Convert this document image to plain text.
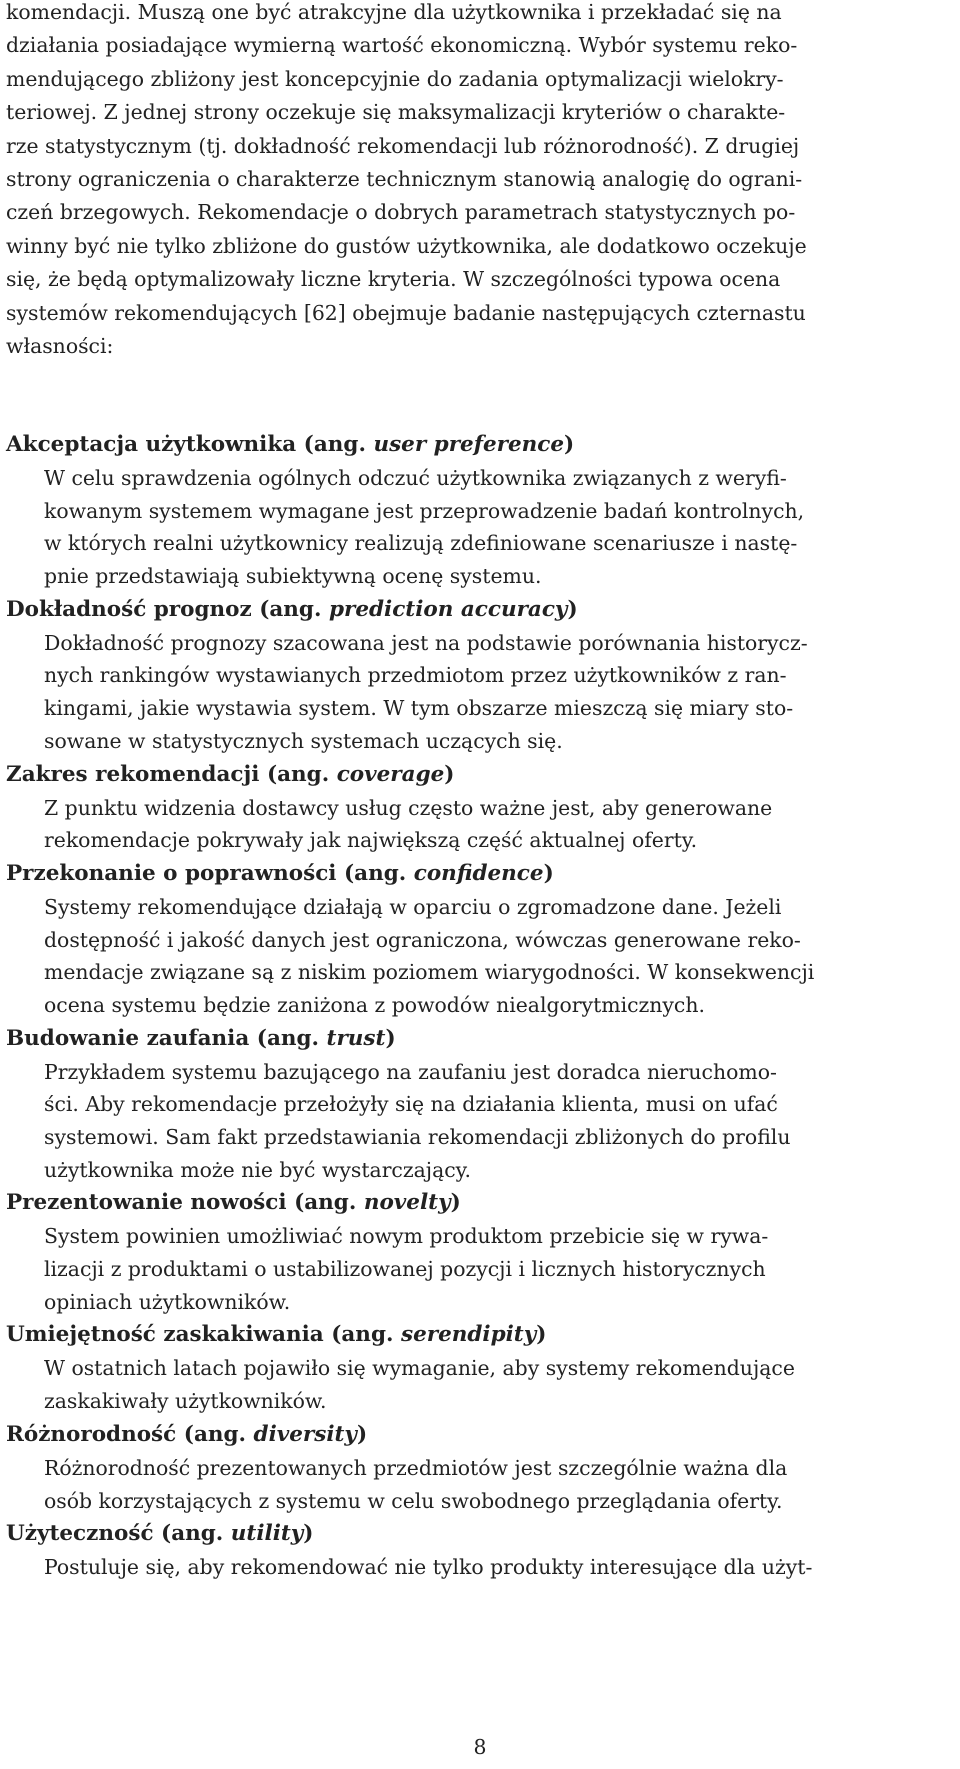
komendacji. Muszą one być atrakcyjne dla użytkownika i przekładać się na
działania posiadające wymierną wartość ekonomiczną. Wybór systemu reko-
mendującego zbliżony jest koncepcyjnie do zadania optymalizacji wielokry-
teriowej. Z jednej strony oczekuje się maksymalizacji kryteriów o charakte-
rze statystycznym (tj. dokładność rekomendacji lub różnorodność). Z drugiej
strony ograniczenia o charakterze technicznym stanowią analogię do ograni-
czeń brzegowych. Rekomendacje o dobrych parametrach statystycznych po-
winny być nie tylko zbliżone do gustów użytkownika, ale dodatkowo oczekuje
się, że będą optymalizowały liczne kryteria. W szczególności typowa ocena
systemów rekomendujących [62] obejmuje badanie następujących czternastu
własności:
Akceptacja użytkownika (ang. user preference)
W celu sprawdzenia ogólnych odczuć użytkownika związanych z weryfi-
kowanym systemem wymagane jest przeprowadzenie badań kontrolnych,
w których realni użytkownicy realizują zdefiniowane scenariusze i nastę-
pnie przedstawiają subiektywną ocenę systemu.
Dokładność prognoz (ang. prediction accuracy)
Dokładność prognozy szacowana jest na podstawie porównania historycz-
nych rankingów wystawianych przedmiotom przez użytkowników z ran-
kingami, jakie wystawia system. W tym obszarze mieszczą się miary sto-
sowane w statystycznych systemach uczących się.
Zakres rekomendacji (ang. coverage)
Z punktu widzenia dostawcy usług często ważne jest, aby generowane
rekomendacje pokrywały jak największą część aktualnej oferty.
Przekonanie o poprawności (ang. confidence)
Systemy rekomendujące działają w oparciu o zgromadzone dane. Jeżeli
dostępność i jakość danych jest ograniczona, wówczas generowane reko-
mendacje związane są z niskim poziomem wiarygodności. W konsekwencji
ocena systemu będzie zaniżona z powodów niealgorytmicznych.
Budowanie zaufania (ang. trust)
Przykładem systemu bazującego na zaufaniu jest doradca nieruchomo-
ści. Aby rekomendacje przełożyły się na działania klienta, musi on ufać
systemowi. Sam fakt przedstawiania rekomendacji zbliżonych do profilu
użytkownika może nie być wystarczający.
Prezentowanie nowości (ang. novelty)
System powinien umożliwiać nowym produktom przebicie się w rywa-
lizacji z produktami o ustabilizowanej pozycji i licznych historycznych
opiniach użytkowników.
Umiejętność zaskakiwania (ang. serendipity)
W ostatnich latach pojawiło się wymaganie, aby systemy rekomendujące
zaskakiwały użytkowników.
Różnorodność (ang. diversity)
Różnorodność prezentowanych przedmiotów jest szczególnie ważna dla
osób korzystających z systemu w celu swobodnego przeglądania oferty.
Użyteczność (ang. utility)
Postuluje się, aby rekomendować nie tylko produkty interesujące dla użyt-
8
